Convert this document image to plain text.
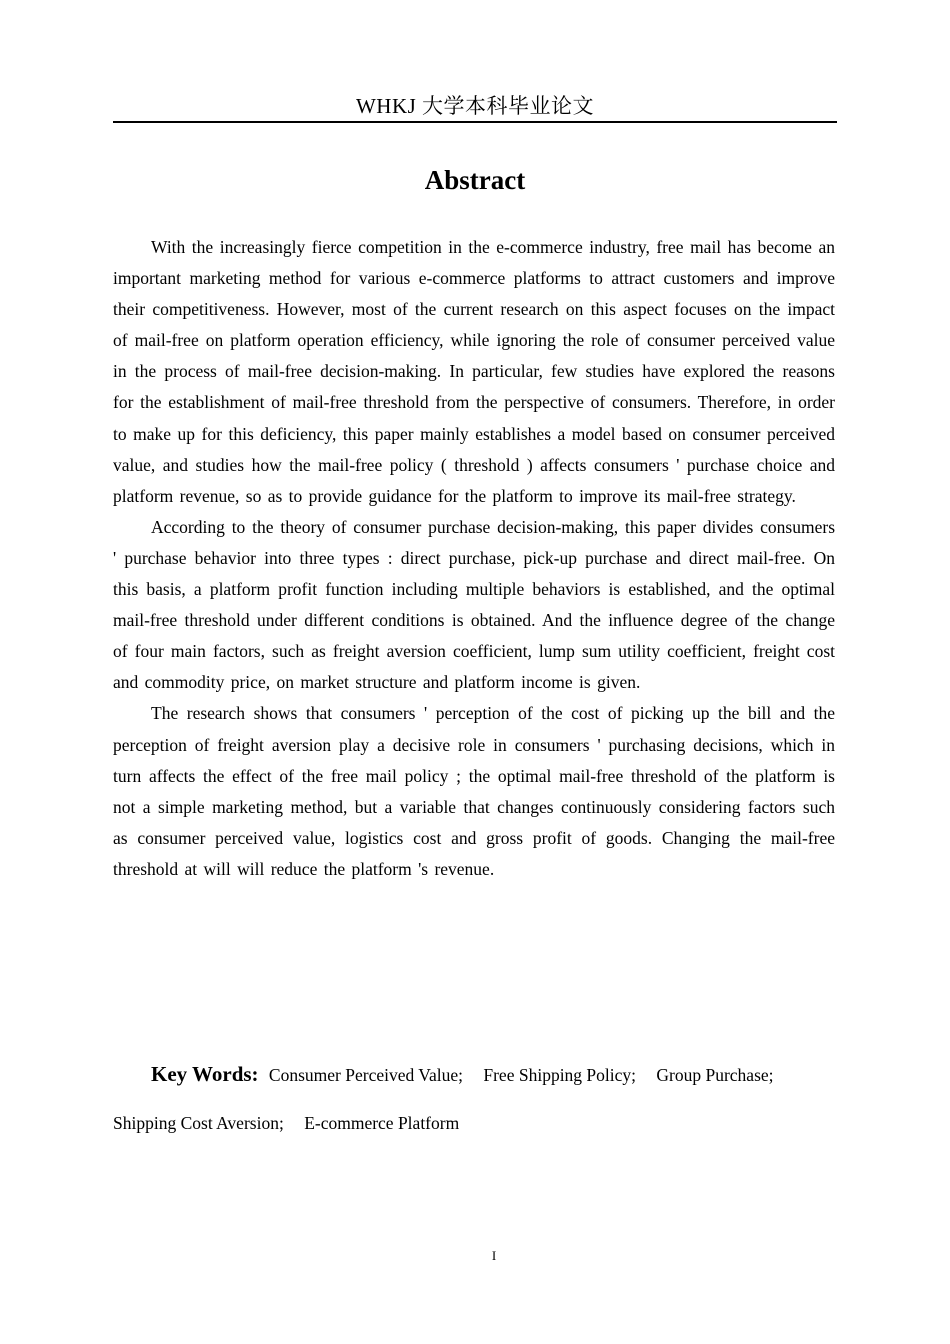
WHKJ 大学本科毕业论文
Abstract

With the increasingly fierce competition in the e-commerce industry, free mail has become an important marketing method for various e-commerce platforms to attract customers and improve their competitiveness. However, most of the current research on this aspect focuses on the impact of mail-free on platform operation efficiency, while ignoring the role of consumer perceived value in the process of mail-free decision-making. In particular, few studies have explored the reasons for the establishment of mail-free threshold from the perspective of consumers. Therefore, in order to make up for this deficiency, this paper mainly establishes a model based on consumer perceived value, and studies how the mail-free policy ( threshold ) affects consumers ' purchase choice and platform revenue, so as to provide guidance for the platform to improve its mail-free strategy.

According to the theory of consumer purchase decision-making, this paper divides consumers ' purchase behavior into three types : direct purchase, pick-up purchase and direct mail-free. On this basis, a platform profit function including multiple behaviors is established, and the optimal mail-free threshold under different conditions is obtained. And the influence degree of the change of four main factors, such as freight aversion coefficient, lump sum utility coefficient, freight cost and commodity price, on market structure and platform income is given.

The research shows that consumers ' perception of the cost of picking up the bill and the perception of freight aversion play a decisive role in consumers ' purchasing decisions, which in turn affects the effect of the free mail policy ; the optimal mail-free threshold of the platform is not a simple marketing method, but a variable that changes continuously considering factors such as consumer perceived value, logistics cost and gross profit of goods. Changing the mail-free threshold at will will reduce the platform 's revenue.

Key Words: Consumer Perceived Value; Free Shipping Policy; Group Purchase; Shipping Cost Aversion; E-commerce Platform
I
